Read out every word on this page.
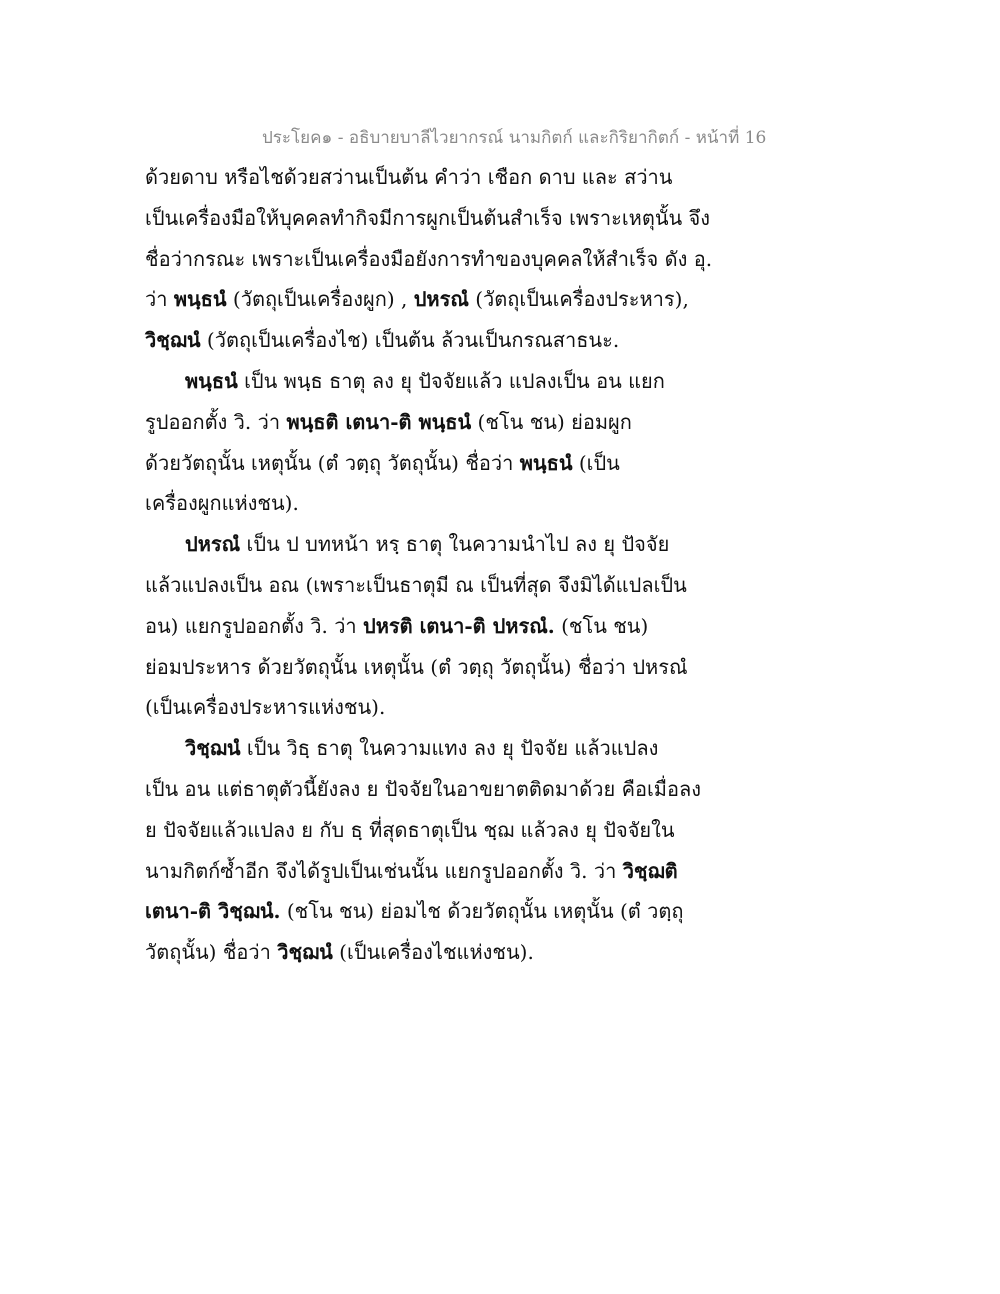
ประโยค๑ - อธิบายบาลีไวยากรณ์ นามกิตก์ และกิริยากิตก์ - หน้าที่ 16
ด้วยดาบ หรือไชด้วยสว่านเป็นต้น คำว่า เชือก ดาบ และ สว่าน
เป็นเครื่องมือให้บุคคลทำกิจมีการผูกเป็นต้นสำเร็จ เพราะเหตุนั้น จึง
ชื่อว่ากรณะ เพราะเป็นเครื่องมือยังการทำของบุคคลให้สำเร็จ ดัง อุ.
ว่า พนฺธนํ (วัตถุเป็นเครื่องผูก) , ปหรณํ (วัตถุเป็นเครื่องประหาร),
วิชฺฌนํ (วัตถุเป็นเครื่องไช) เป็นต้น ล้วนเป็นกรณสาธนะ.
พนฺธนํ เป็น พนฺธ ธาตุ ลง ยุ ปัจจัยแล้ว แปลงเป็น อน แยก
รูปออกตั้ง วิ. ว่า พนฺธติ เตนา-ติ พนฺธนํ (ชโน ชน) ย่อมผูก
ด้วยวัตถุนั้น เหตุนั้น (ตํ วตฺถุ วัตถุนั้น) ชื่อว่า พนฺธนํ (เป็น
เครื่องผูกแห่งชน).
ปหรณํ เป็น ป บทหน้า หรฺ ธาตุ ในความนำไป ลง ยุ ปัจจัย
แล้วแปลงเป็น อณ (เพราะเป็นธาตุมี ณ เป็นที่สุด จึงมิได้แปลเป็น
อน) แยกรูปออกตั้ง วิ. ว่า ปหรติ เตนา-ติ ปหรณํ. (ชโน ชน)
ย่อมประหาร ด้วยวัตถุนั้น เหตุนั้น (ตํ วตฺถุ วัตถุนั้น) ชื่อว่า ปหรณํ
(เป็นเครื่องประหารแห่งชน).
วิชฺฌนํ เป็น วิธฺ ธาตุ ในความแทง ลง ยุ ปัจจัย แล้วแปลง
เป็น อน แต่ธาตุตัวนี้ยังลง ย ปัจจัยในอาขยาตติดมาด้วย คือเมื่อลง
ย ปัจจัยแล้วแปลง ย กับ ธฺ ที่สุดธาตุเป็น ชฺฌ แล้วลง ยุ ปัจจัยใน
นามกิตก์ซ้ำอีก จึงได้รูปเป็นเช่นนั้น แยกรูปออกตั้ง วิ. ว่า วิชฺฌติ
เตนา-ติ วิชฺฌนํ. (ชโน ชน) ย่อมไช ด้วยวัตถุนั้น เหตุนั้น (ตํ วตฺถุ
วัตถุนั้น) ชื่อว่า วิชฺฌนํ (เป็นเครื่องไชแห่งชน).
